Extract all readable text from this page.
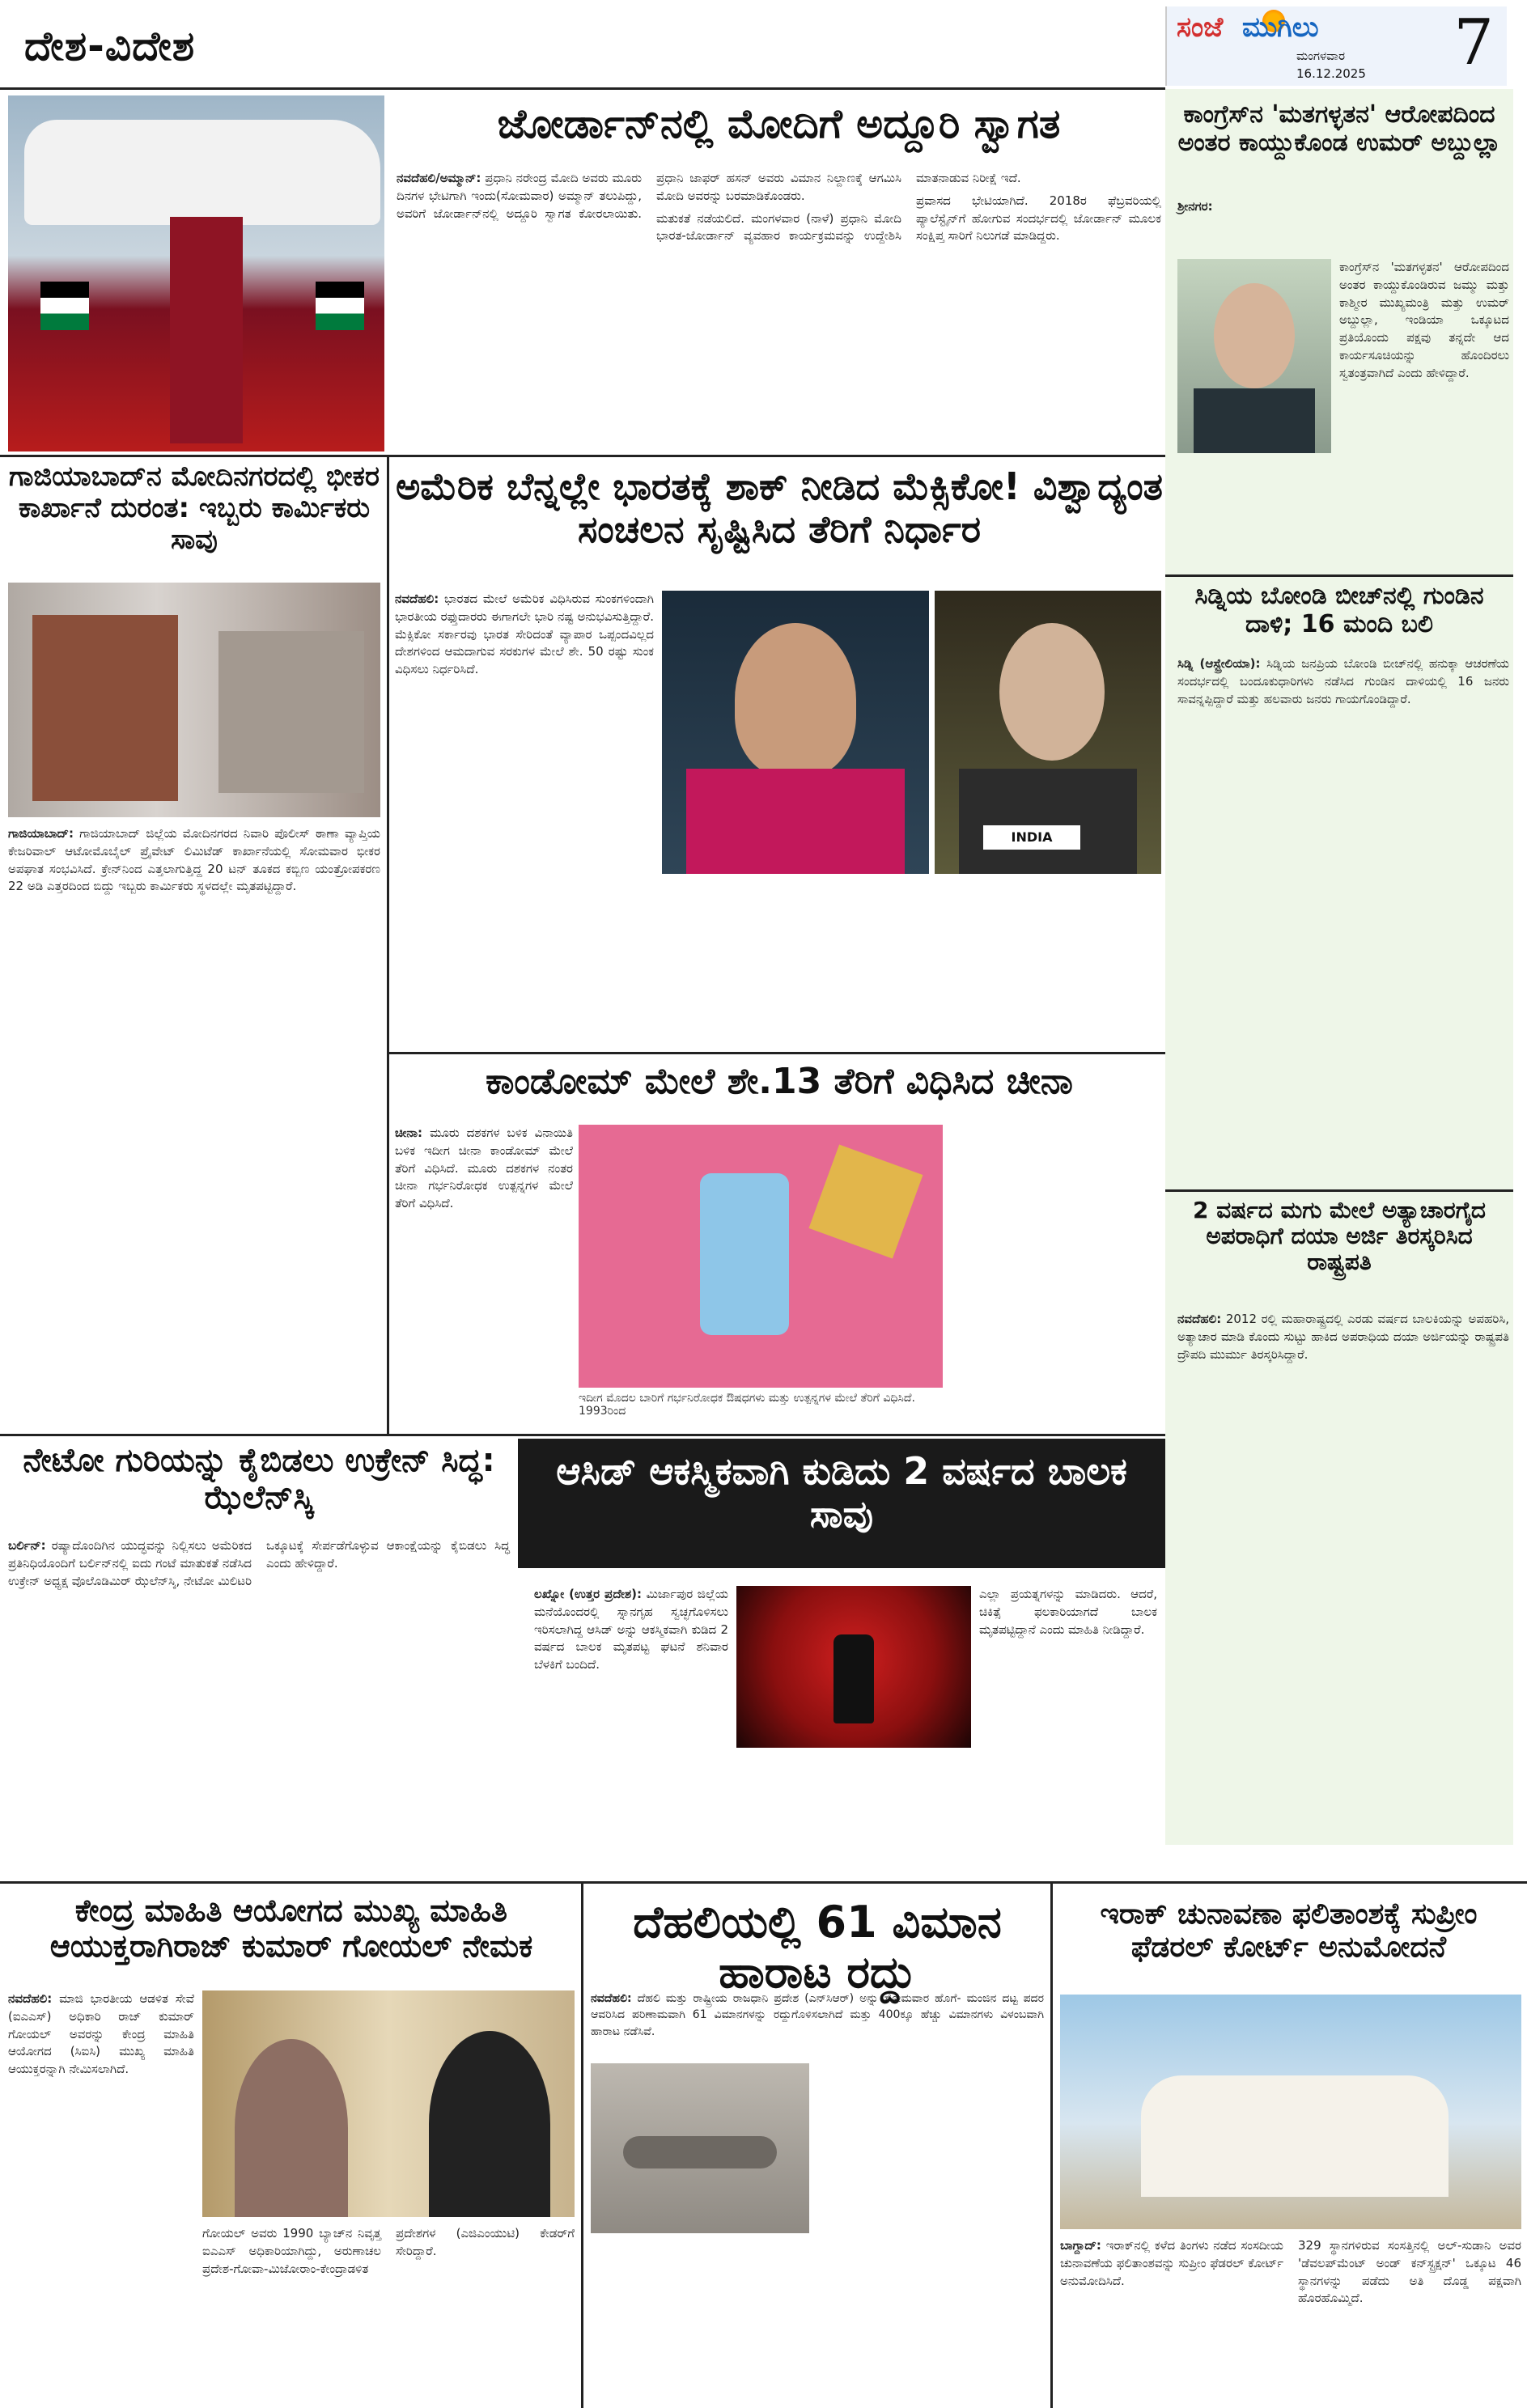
ದೇಶ-ವಿದೇಶ	ಸಂಜೆ ಮುಗಿಲು
ಮಂಗಳವಾರ
16.12.2025 7
ಜೋರ್ಡಾನ್‌ನಲ್ಲಿ ಮೋದಿಗೆ ಅದ್ದೂರಿ ಸ್ವಾಗತ

ನವದೆಹಲಿ/ಅಮ್ಮಾನ್: ಪ್ರಧಾನಿ ನರೇಂದ್ರ ಮೋದಿ ಅವರು ಮೂರು ದಿನಗಳ ಭೇಟಿಗಾಗಿ ಇಂದು(ಸೋಮವಾರ) ಅಮ್ಮಾನ್ ತಲುಪಿದ್ದು, ಅವರಿಗೆ ಜೋರ್ಡಾನ್‌ನಲ್ಲಿ ಅದ್ದೂರಿ ಸ್ವಾಗತ ಕೋರಲಾಯಿತು. ಪ್ರಧಾನಿ ಜಾಫರ್ ಹಸನ್ ಅವರು ವಿಮಾನ ನಿಲ್ದಾಣಕ್ಕೆ ಆಗಮಿಸಿ ಮೋದಿ ಅವರನ್ನು ಬರಮಾಡಿಕೊಂಡರು.

ಮತುಕತೆ ನಡೆಯಲಿದೆ. ಮಂಗಳವಾರ (ನಾಳೆ) ಪ್ರಧಾನಿ ಮೋದಿ ಭಾರತ-ಜೋರ್ಡಾನ್ ವ್ಯವಹಾರ ಕಾರ್ಯಕ್ರಮವನ್ನು ಉದ್ದೇಶಿಸಿ ಮಾತನಾಡುವ ನಿರೀಕ್ಷೆ ಇದೆ.

ಪ್ರವಾಸದ ಭೇಟಿಯಾಗಿದೆ. 2018ರ ಫೆಬ್ರವರಿಯಲ್ಲಿ ಪ್ಯಾಲೆಸ್ಟೈನ್‌ಗೆ ಹೋಗುವ ಸಂದರ್ಭದಲ್ಲಿ ಜೋರ್ಡಾನ್ ಮೂಲಕ ಸಂಕ್ಷಿಪ್ತ ಸಾರಿಗೆ ನಿಲುಗಡೆ ಮಾಡಿದ್ದರು.

ಗಾಜಿಯಾಬಾದ್‌ನ ಮೋದಿನಗರದಲ್ಲಿ ಭೀಕರ ಕಾರ್ಖಾನೆ ದುರಂತ: ಇಬ್ಬರು ಕಾರ್ಮಿಕರು ಸಾವು

ಗಾಜಿಯಾಬಾದ್: ಗಾಜಿಯಾಬಾದ್ ಜಿಲ್ಲೆಯ ಮೋದಿನಗರದ ನಿವಾರಿ ಪೊಲೀಸ್ ಠಾಣಾ ವ್ಯಾಪ್ತಿಯ ಕೇಜರಿವಾಲ್ ಆಟೋಮೊಬೈಲ್ ಪ್ರೈವೇಟ್ ಲಿಮಿಟೆಡ್ ಕಾರ್ಖಾನೆಯಲ್ಲಿ ಸೋಮವಾರ ಭೀಕರ ಅಪಘಾತ ಸಂಭವಿಸಿದೆ. ಕ್ರೇನ್‌ನಿಂದ ಎತ್ತಲಾಗುತ್ತಿದ್ದ 20 ಟನ್ ತೂಕದ ಕಬ್ಬಿಣ ಯಂತ್ರೋಪಕರಣ 22 ಅಡಿ ಎತ್ತರದಿಂದ ಬಿದ್ದು ಇಬ್ಬರು ಕಾರ್ಮಿಕರು ಸ್ಥಳದಲ್ಲೇ ಮೃತಪಟ್ಟಿದ್ದಾರೆ.

ಅಮೆರಿಕ ಬೆನ್ನಲ್ಲೇ ಭಾರತಕ್ಕೆ ಶಾಕ್ ನೀಡಿದ ಮೆಕ್ಸಿಕೋ! ವಿಶ್ವಾದ್ಯಂತ ಸಂಚಲನ ಸೃಷ್ಟಿಸಿದ ತೆರಿಗೆ ನಿರ್ಧಾರ

ನವದೆಹಲಿ: ಭಾರತದ ಮೇಲೆ ಅಮೆರಿಕ ವಿಧಿಸಿರುವ ಸುಂಕಗಳಿಂದಾಗಿ ಭಾರತೀಯ ರಫ್ತುದಾರರು ಈಗಾಗಲೇ ಭಾರಿ ನಷ್ಟ ಅನುಭವಿಸುತ್ತಿದ್ದಾರೆ. ಮೆಕ್ಸಿಕೋ ಸರ್ಕಾರವು ಭಾರತ ಸೇರಿದಂತೆ ವ್ಯಾಪಾರ ಒಪ್ಪಂದವಿಲ್ಲದ ದೇಶಗಳಿಂದ ಆಮದಾಗುವ ಸರಕುಗಳ ಮೇಲೆ ಶೇ. 50 ರಷ್ಟು ಸುಂಕ ವಿಧಿಸಲು ನಿರ್ಧರಿಸಿದೆ.

INDIA
ಕಾಂಡೋಮ್ ಮೇಲೆ ಶೇ.13 ತೆರಿಗೆ ವಿಧಿಸಿದ ಚೀನಾ

ಚೀನಾ: ಮೂರು ದಶಕಗಳ ಬಳಿಕ ವಿನಾಯಿತಿ ಬಳಿಕ ಇದೀಗ ಚೀನಾ ಕಾಂಡೋಮ್ ಮೇಲೆ ತೆರಿಗೆ ವಿಧಿಸಿದೆ. ಮೂರು ದಶಕಗಳ ನಂತರ ಚೀನಾ ಗರ್ಭನಿರೋಧಕ ಉತ್ಪನ್ನಗಳ ಮೇಲೆ ತೆರಿಗೆ ವಿಧಿಸಿದೆ.

ಇದೀಗ ಮೊದಲ ಬಾರಿಗೆ ಗರ್ಭನಿರೋಧಕ ಔಷಧಗಳು ಮತ್ತು ಉತ್ಪನ್ನಗಳ ಮೇಲೆ ತೆರಿಗೆ ವಿಧಿಸಿದೆ. 1993ರಿಂದ
ನೇಟೋ ಗುರಿಯನ್ನು ಕೈಬಿಡಲು ಉಕ್ರೇನ್ ಸಿದ್ಧ: ಝೆಲೆನ್‌ಸ್ಕಿ

ಬರ್ಲಿನ್: ರಷ್ಯಾದೊಂದಿಗಿನ ಯುದ್ಧವನ್ನು ನಿಲ್ಲಿಸಲು ಅಮೆರಿಕದ ಪ್ರತಿನಿಧಿಯೊಂದಿಗೆ ಬರ್ಲಿನ್‌ನಲ್ಲಿ ಐದು ಗಂಟೆ ಮಾತುಕತೆ ನಡೆಸಿದ ಉಕ್ರೇನ್ ಅಧ್ಯಕ್ಷ ವೊಲೊಡಿಮಿರ್ ಝೆಲೆನ್‌ಸ್ಕಿ, ನೇಟೋ ಮಿಲಿಟರಿ ಒಕ್ಕೂಟಕ್ಕೆ ಸೇರ್ಪಡೆಗೊಳ್ಳುವ ಆಕಾಂಕ್ಷೆಯನ್ನು ಕೈಬಿಡಲು ಸಿದ್ಧ ಎಂದು ಹೇಳಿದ್ದಾರೆ.

ಆಸಿಡ್ ಆಕಸ್ಮಿಕವಾಗಿ ಕುಡಿದು 2 ವರ್ಷದ ಬಾಲಕ ಸಾವು

ಲಖ್ನೋ (ಉತ್ತರ ಪ್ರದೇಶ): ಮಿರ್ಜಾಪುರ ಜಿಲ್ಲೆಯ ಮನೆಯೊಂದರಲ್ಲಿ ಸ್ನಾನಗೃಹ ಸ್ವಚ್ಛಗೊಳಿಸಲು ಇರಿಸಲಾಗಿದ್ದ ಆಸಿಡ್ ಅನ್ನು ಆಕಸ್ಮಿಕವಾಗಿ ಕುಡಿದ 2 ವರ್ಷದ ಬಾಲಕ ಮೃತಪಟ್ಟ ಘಟನೆ ಶನಿವಾರ ಬೆಳಕಿಗೆ ಬಂದಿದೆ.

ಎಲ್ಲಾ ಪ್ರಯತ್ನಗಳನ್ನು ಮಾಡಿದರು. ಆದರೆ, ಚಿಕಿತ್ಸೆ ಫಲಕಾರಿಯಾಗದೆ ಬಾಲಕ ಮೃತಪಟ್ಟಿದ್ದಾನೆ ಎಂದು ಮಾಹಿತಿ ನೀಡಿದ್ದಾರೆ.

ಕೇಂದ್ರ ಮಾಹಿತಿ ಆಯೋಗದ ಮುಖ್ಯ ಮಾಹಿತಿ ಆಯುಕ್ತರಾಗಿರಾಜ್ ಕುಮಾರ್ ಗೋಯಲ್ ನೇಮಕ

ನವದೆಹಲಿ: ಮಾಜಿ ಭಾರತೀಯ ಆಡಳಿತ ಸೇವೆ (ಐಎಎಸ್) ಅಧಿಕಾರಿ ರಾಜ್ ಕುಮಾರ್ ಗೋಯಲ್ ಅವರನ್ನು ಕೇಂದ್ರ ಮಾಹಿತಿ ಆಯೋಗದ (ಸಿಐಸಿ) ಮುಖ್ಯ ಮಾಹಿತಿ ಆಯುಕ್ತರನ್ನಾಗಿ ನೇಮಿಸಲಾಗಿದೆ.

ಗೋಯಲ್ ಅವರು 1990 ಬ್ಯಾಚ್‌ನ ನಿವೃತ್ತ ಐಎಎಸ್ ಅಧಿಕಾರಿಯಾಗಿದ್ದು, ಅರುಣಾಚಲ ಪ್ರದೇಶ-ಗೋವಾ-ಮಿಜೋರಾಂ-ಕೇಂದ್ರಾಡಳಿತ ಪ್ರದೇಶಗಳ (ಎಜಿಎಂಯುಟಿ) ಕೇಡರ್‌ಗೆ ಸೇರಿದ್ದಾರೆ.

ದೆಹಲಿಯಲ್ಲಿ 61 ವಿಮಾನ ಹಾರಾಟ ರದ್ದು

ನವದೆಹಲಿ: ದೆಹಲಿ ಮತ್ತು ರಾಷ್ಟ್ರೀಯ ರಾಜಧಾನಿ ಪ್ರದೇಶ (ಎನ್‌ಸಿಆರ್) ಅನ್ನು ಸೋಮವಾರ ಹೊಗೆ- ಮಂಜಿನ ದಟ್ಟ ಪದರ ಆವರಿಸಿದ ಪರಿಣಾಮವಾಗಿ 61 ವಿಮಾನಗಳನ್ನು ರದ್ದುಗೊಳಿಸಲಾಗಿದೆ ಮತ್ತು 400ಕ್ಕೂ ಹೆಚ್ಚು ವಿಮಾನಗಳು ವಿಳಂಬವಾಗಿ ಹಾರಾಟ ನಡೆಸಿವೆ.

ಇರಾಕ್ ಚುನಾವಣಾ ಫಲಿತಾಂಶಕ್ಕೆ ಸುಪ್ರೀಂ ಫೆಡರಲ್ ಕೋರ್ಟ್ ಅನುಮೋದನೆ

ಬಾಗ್ದಾದ್: ಇರಾಕ್‌ನಲ್ಲಿ ಕಳೆದ ತಿಂಗಳು ನಡೆದ ಸಂಸದೀಯ ಚುನಾವಣೆಯ ಫಲಿತಾಂಶವನ್ನು ಸುಪ್ರೀಂ ಫೆಡರಲ್ ಕೋರ್ಟ್ ಅನುಮೋದಿಸಿದೆ.

329 ಸ್ಥಾನಗಳಿರುವ ಸಂಸತ್ತಿನಲ್ಲಿ ಅಲ್-ಸುಡಾನಿ ಅವರ 'ಡೆವಲಪ್‌ಮೆಂಟ್ ಅಂಡ್ ಕನ್‌ಸ್ಟ್ರಕ್ಷನ್' ಒಕ್ಕೂಟ 46 ಸ್ಥಾನಗಳನ್ನು ಪಡೆದು ಅತಿ ದೊಡ್ಡ ಪಕ್ಷವಾಗಿ ಹೊರಹೊಮ್ಮಿದೆ.

ಕಾಂಗ್ರೆಸ್‌ನ 'ಮತಗಳ್ಳತನ' ಆರೋಪದಿಂದ ಅಂತರ ಕಾಯ್ದುಕೊಂಡ ಉಮರ್ ಅಬ್ದುಲ್ಲಾ

ಶ್ರೀನಗರ:

ಕಾಂಗ್ರೆಸ್‌ನ 'ಮತಗಳ್ಳತನ' ಆರೋಪದಿಂದ ಅಂತರ ಕಾಯ್ದುಕೊಂಡಿರುವ ಜಮ್ಮು ಮತ್ತು ಕಾಶ್ಮೀರ ಮುಖ್ಯಮಂತ್ರಿ ಮತ್ತು ಉಮರ್ ಅಬ್ದುಲ್ಲಾ, ಇಂಡಿಯಾ ಒಕ್ಕೂಟದ ಪ್ರತಿಯೊಂದು ಪಕ್ಷವು ತನ್ನದೇ ಆದ ಕಾರ್ಯಸೂಚಿಯನ್ನು ಹೊಂದಿರಲು ಸ್ವತಂತ್ರವಾಗಿದೆ ಎಂದು ಹೇಳಿದ್ದಾರೆ.

ಸಿಡ್ನಿಯ ಬೋಂಡಿ ಬೀಚ್‌ನಲ್ಲಿ ಗುಂಡಿನ ದಾಳಿ; 16 ಮಂದಿ ಬಲಿ

ಸಿಡ್ನಿ (ಆಸ್ಟ್ರೇಲಿಯಾ): ಸಿಡ್ನಿಯ ಜನಪ್ರಿಯ ಬೋಂಡಿ ಬೀಚ್‌ನಲ್ಲಿ ಹನುಕ್ಕಾ ಆಚರಣೆಯ ಸಂದರ್ಭದಲ್ಲಿ ಬಂದೂಕುಧಾರಿಗಳು ನಡೆಸಿದ ಗುಂಡಿನ ದಾಳಿಯಲ್ಲಿ 16 ಜನರು ಸಾವನ್ನಪ್ಪಿದ್ದಾರೆ ಮತ್ತು ಹಲವಾರು ಜನರು ಗಾಯಗೊಂಡಿದ್ದಾರೆ.

2 ವರ್ಷದ ಮಗು ಮೇಲೆ ಅತ್ಯಾಚಾರಗೈದ ಅಪರಾಧಿಗೆ ದಯಾ ಅರ್ಜಿ ತಿರಸ್ಕರಿಸಿದ ರಾಷ್ಟ್ರಪತಿ

ನವದೆಹಲಿ: 2012 ರಲ್ಲಿ ಮಹಾರಾಷ್ಟ್ರದಲ್ಲಿ ಎರಡು ವರ್ಷದ ಬಾಲಕಿಯನ್ನು ಅಪಹರಿಸಿ, ಅತ್ಯಾಚಾರ ಮಾಡಿ ಕೊಂದು ಸುಟ್ಟು ಹಾಕಿದ ಅಪರಾಧಿಯ ದಯಾ ಅರ್ಜಿಯನ್ನು ರಾಷ್ಟ್ರಪತಿ ದ್ರೌಪದಿ ಮುರ್ಮು ತಿರಸ್ಕರಿಸಿದ್ದಾರೆ.
